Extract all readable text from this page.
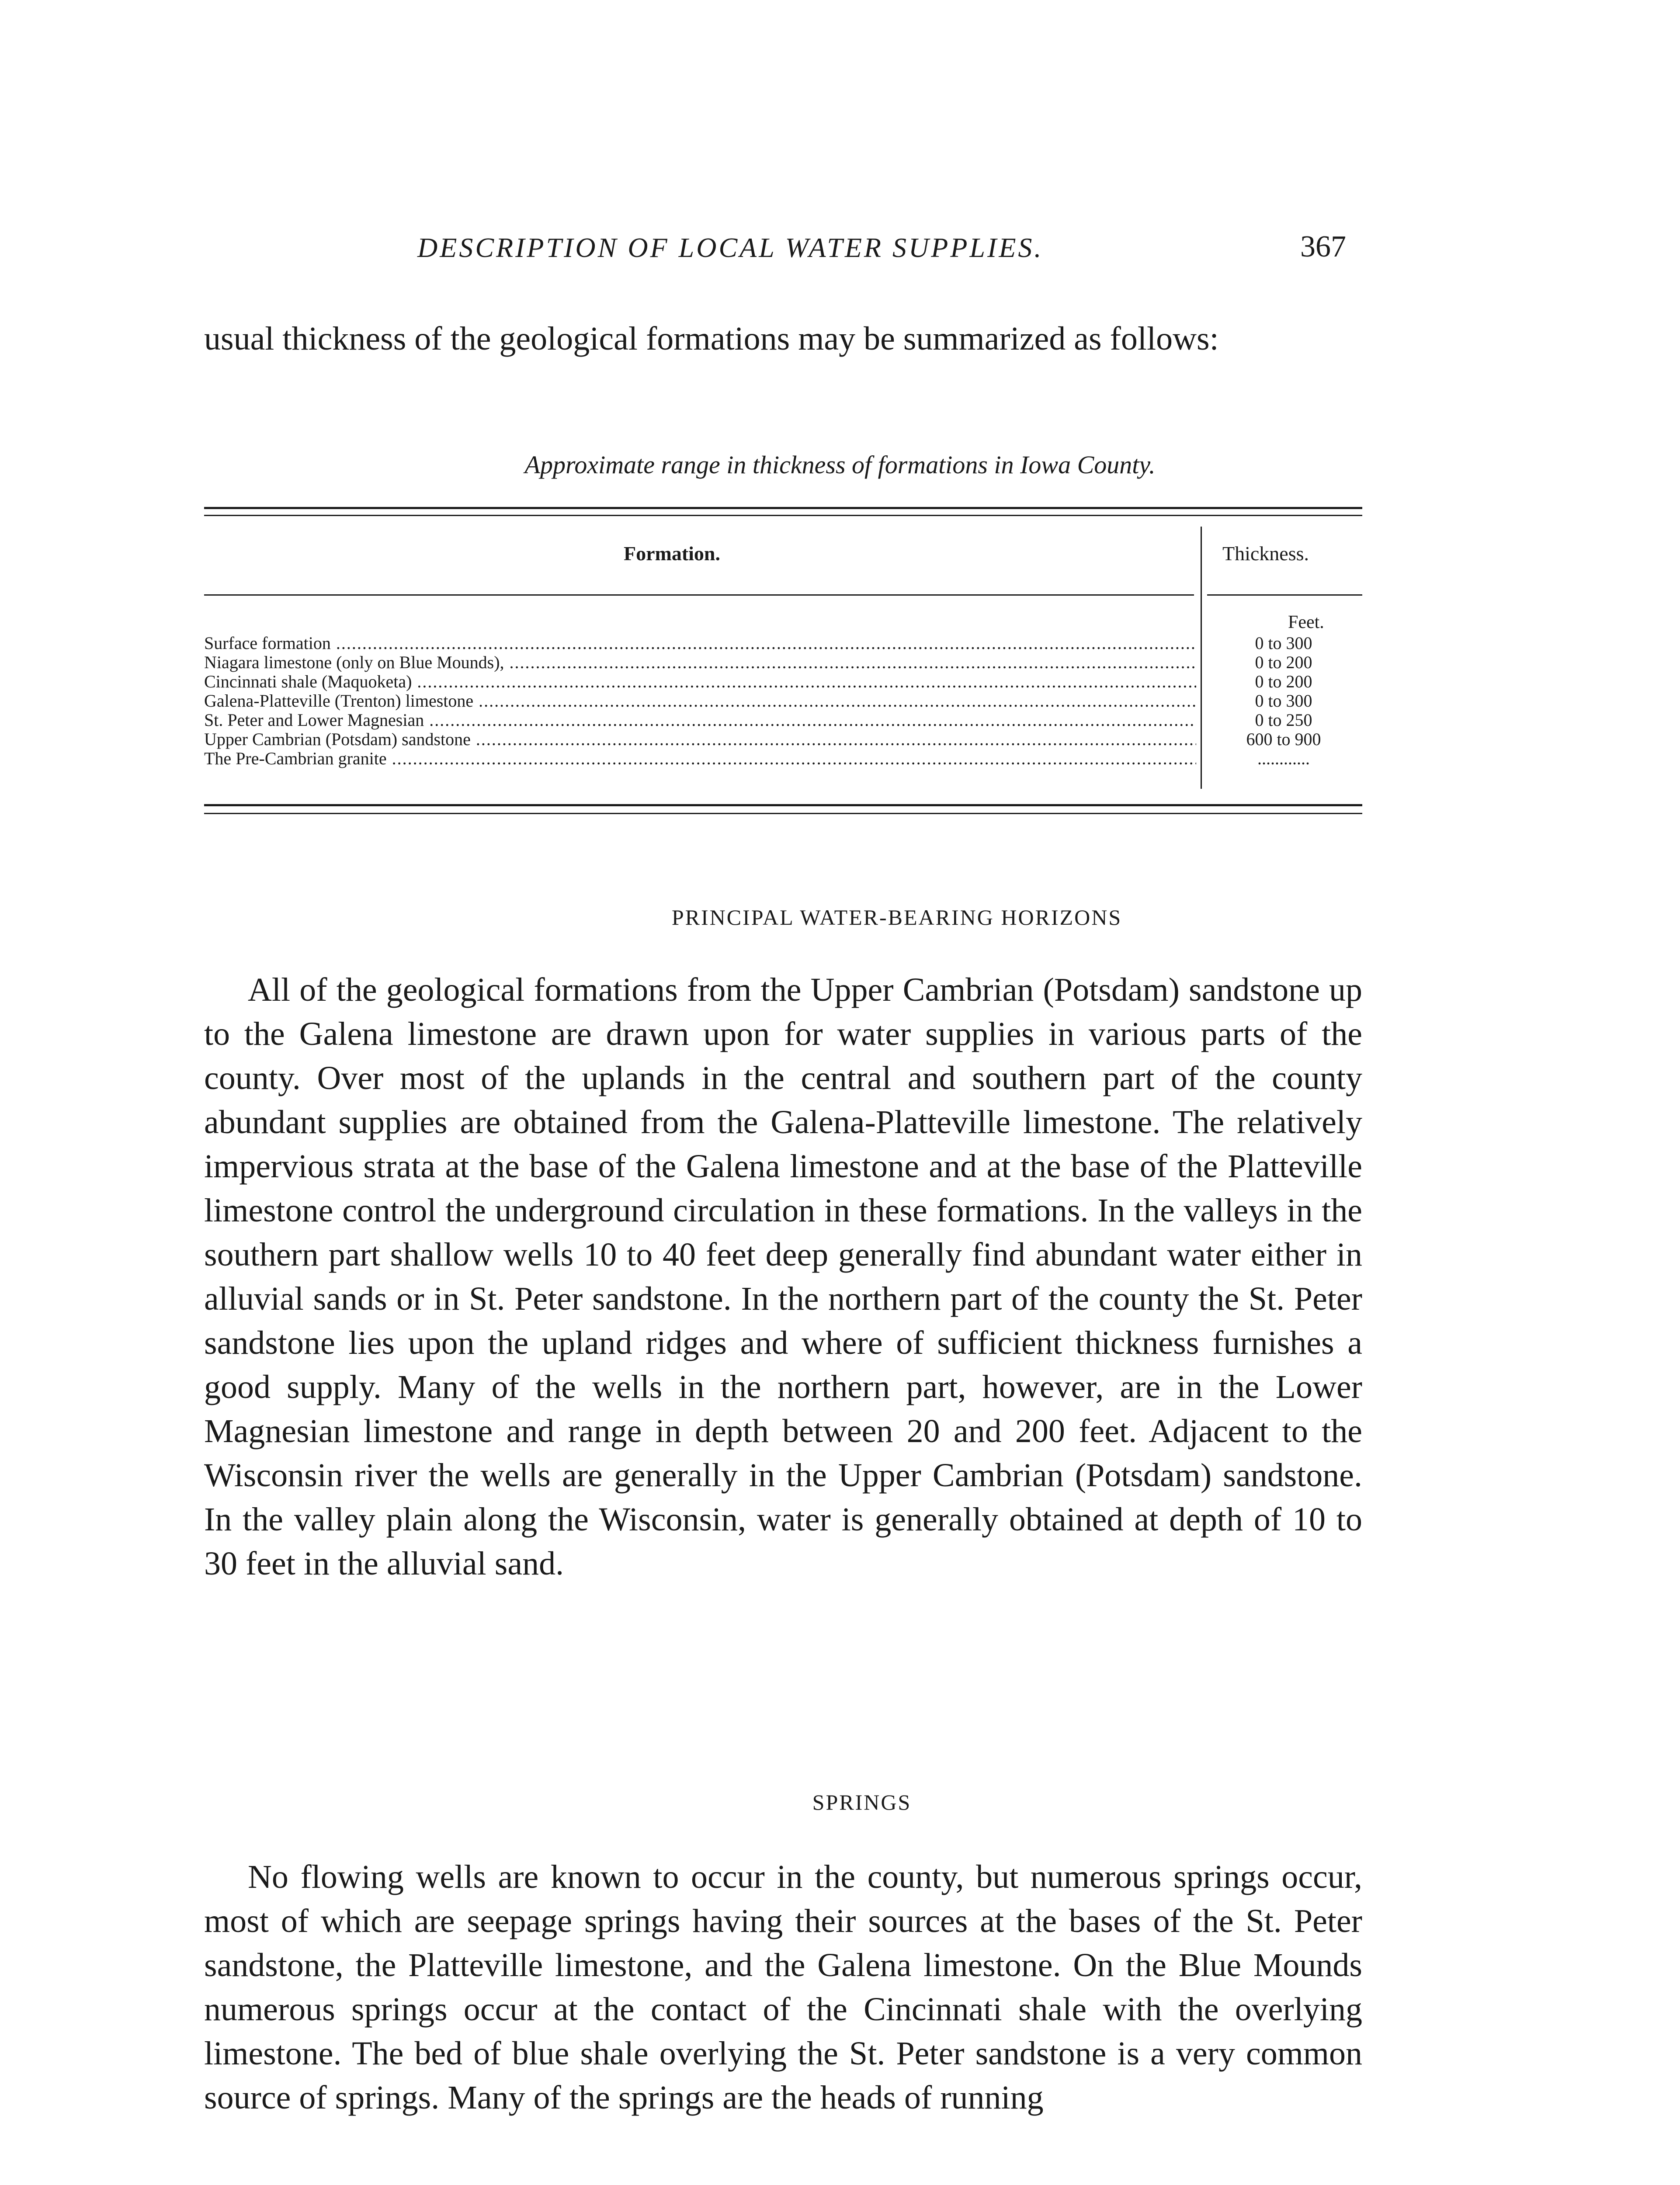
DESCRIPTION OF LOCAL WATER SUPPLIES.	367

usual thickness of the geological formations may be summarized as follows:

Approximate range in thickness of formations in Iowa County.
Formation.	Thickness.
Feet.
Surface formation .....	0 to 300
Niagara limestone (only on Blue Mounds), .....	0 to 200
Cincinnati shale (Maquoketa) .....	0 to 200
Galena-Platteville (Trenton) limestone .....	0 to 300
St. Peter and Lower Magnesian .....	0 to 250
Upper Cambrian (Potsdam) sandstone .....	600 to 900
The Pre-Cambrian granite .....	............
PRINCIPAL WATER-BEARING HORIZONS

All of the geological formations from the Upper Cambrian (Potsdam) sandstone up to the Galena limestone are drawn upon for water supplies in various parts of the county. Over most of the uplands in the central and southern part of the county abundant supplies are obtained from the Galena-Platteville limestone. The relatively impervious strata at the base of the Galena limestone and at the base of the Platteville limestone control the underground circulation in these formations. In the valleys in the southern part shallow wells 10 to 40 feet deep generally find abundant water either in alluvial sands or in St. Peter sandstone. In the northern part of the county the St. Peter sandstone lies upon the upland ridges and where of sufficient thickness furnishes a good supply. Many of the wells in the northern part, however, are in the Lower Magnesian limestone and range in depth between 20 and 200 feet. Adjacent to the Wisconsin river the wells are generally in the Upper Cambrian (Potsdam) sandstone. In the valley plain along the Wisconsin, water is generally obtained at depth of 10 to 30 feet in the alluvial sand.

SPRINGS

No flowing wells are known to occur in the county, but numerous springs occur, most of which are seepage springs having their sources at the bases of the St. Peter sandstone, the Platteville limestone, and the Galena limestone. On the Blue Mounds numerous springs occur at the contact of the Cincinnati shale with the overlying limestone. The bed of blue shale overlying the St. Peter sandstone is a very common source of springs. Many of the springs are the heads of running
